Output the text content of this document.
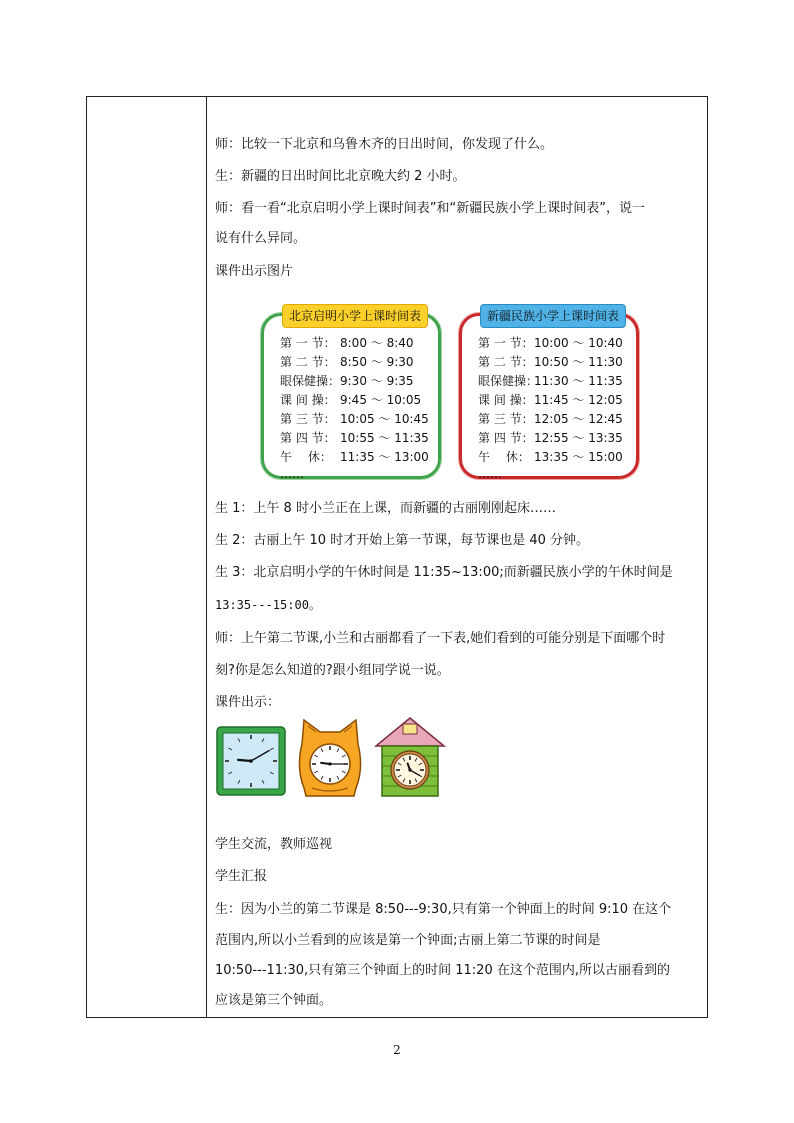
师：比较一下北京和乌鲁木齐的日出时间，你发现了什么。
生：新疆的日出时间比北京晚大约 2 小时。
师：看一看“北京启明小学上课时间表”和“新疆民族小学上课时间表”，说一
说有什么异同。
课件出示图片
北京启明小学上课时间表
第 一 节： 8:00 ～ 8:40
第 二 节： 8:50 ～ 9:30
眼保健操： 9:30 ～ 9:35
课 间 操： 9:45 ～ 10:05
第 三 节： 10:05 ～ 10:45
第 四 节： 10:55 ～ 11:35
午　 休： 11:35 ～ 13:00
……
新疆民族小学上课时间表
第 一 节： 10:00 ～ 10:40
第 二 节： 10:50 ～ 11:30
眼保健操：
11:30 ～ 11:35
课 间 操： 11:45 ～ 12:05
第 三 节： 12:05 ～ 12:45
第 四 节： 12:55 ～ 13:35
午　 休： 13:35 ～ 15:00
……
生 1：上午 8 时小兰正在上课，而新疆的古丽刚刚起床……
生 2：古丽上午 10 时才开始上第一节课，每节课也是 40 分钟。
生 3：北京启明小学的午休时间是 11:35~13:00;而新疆民族小学的午休时间是
13:35---15:00。
师：上午第二节课,小兰和古丽都看了一下表,她们看到的可能分别是下面哪个时
刻?你是怎么知道的?跟小组同学说一说。
课件出示：
学生交流，教师巡视
学生汇报
生：因为小兰的第二节课是 8:50---9:30,只有第一个钟面上的时间 9:10 在这个
范围内,所以小兰看到的应该是第一个钟面;古丽上第二节课的时间是
10:50---11:30,只有第三个钟面上的时间 11:20 在这个范围内,所以古丽看到的
应该是第三个钟面。
2
